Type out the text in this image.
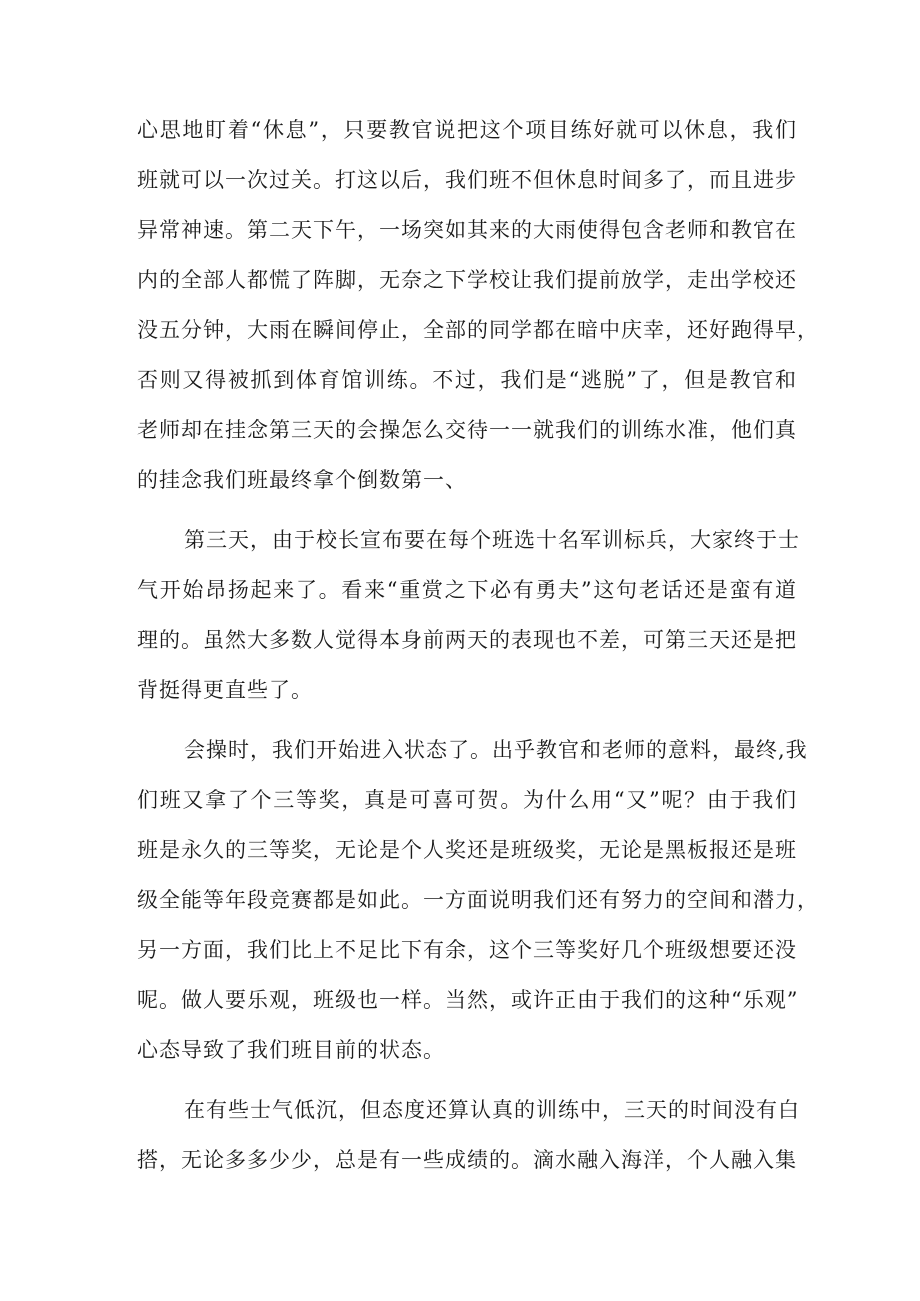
心思地盯着“休息”，只要教官说把这个项目练好就可以休息，我们
班就可以一次过关。打这以后，我们班不但休息时间多了，而且进步
异常神速。第二天下午，一场突如其来的大雨使得包含老师和教官在
内的全部人都慌了阵脚，无奈之下学校让我们提前放学，走出学校还
没五分钟，大雨在瞬间停止，全部的同学都在暗中庆幸，还好跑得早，
否则又得被抓到体育馆训练。不过，我们是“逃脱”了，但是教官和
老师却在挂念第三天的会操怎么交待一一就我们的训练水准，他们真
的挂念我们班最终拿个倒数第一、
第三天，由于校长宣布要在每个班选十名军训标兵，大家终于士
气开始昂扬起来了。看来“重赏之下必有勇夫”这句老话还是蛮有道
理的。虽然大多数人觉得本身前两天的表现也不差，可第三天还是把
背挺得更直些了。
会操时，我们开始进入状态了。出乎教官和老师的意料，最终,我
们班又拿了个三等奖，真是可喜可贺。为什么用“又”呢？由于我们
班是永久的三等奖，无论是个人奖还是班级奖，无论是黑板报还是班
级全能等年段竞赛都是如此。一方面说明我们还有努力的空间和潜力，
另一方面，我们比上不足比下有余，这个三等奖好几个班级想要还没
呢。做人要乐观，班级也一样。当然，或许正由于我们的这种“乐观”
心态导致了我们班目前的状态。
在有些士气低沉，但态度还算认真的训练中，三天的时间没有白
搭，无论多多少少，总是有一些成绩的。滴水融入海洋，个人融入集
